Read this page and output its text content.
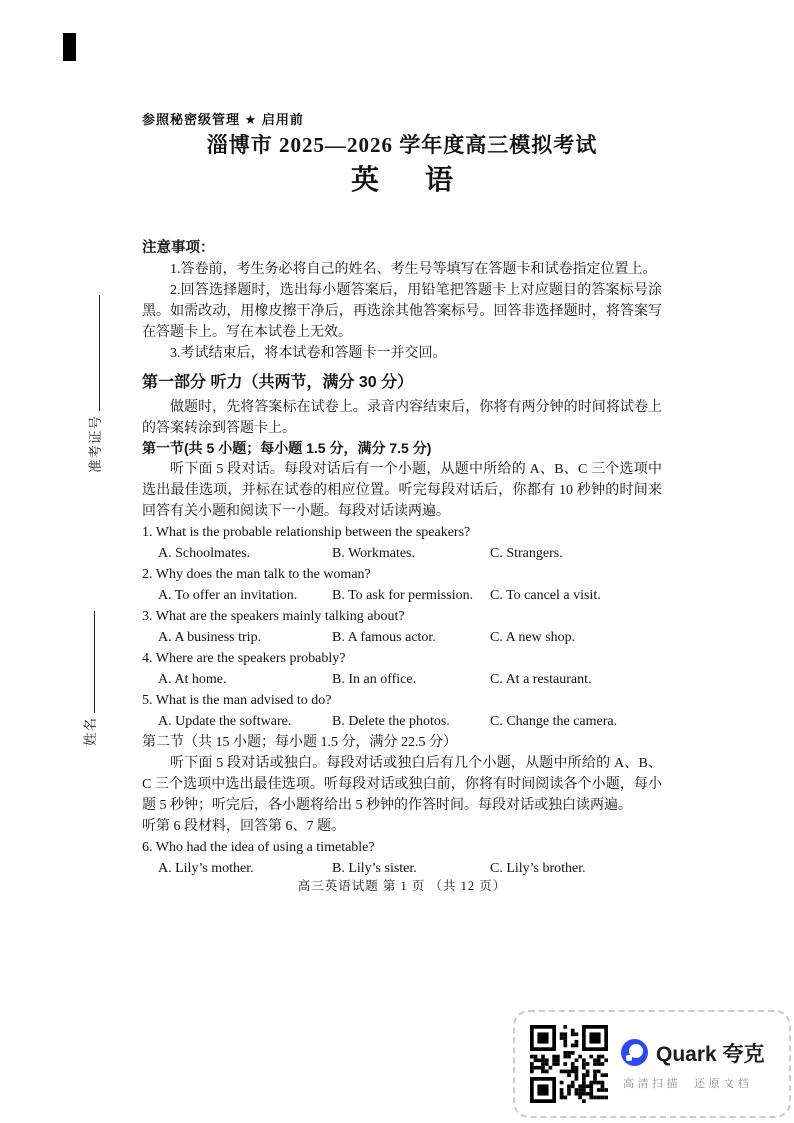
准考证号
姓名
参照秘密级管理 ★ 启用前
淄博市 2025—2026 学年度高三模拟考试
英 语
注意事项：

1.答卷前，考生务必将自己的姓名、考生号等填写在答题卡和试卷指定位置上。

2.回答选择题时，选出每小题答案后，用铅笔把答题卡上对应题目的答案标号涂黑。如需改动，用橡皮擦干净后，再选涂其他答案标号。回答非选择题时，将答案写在答题卡上。写在本试卷上无效。

3.考试结束后，将本试卷和答题卡一并交回。

第一部分 听力（共两节，满分 30 分）

做题时，先将答案标在试卷上。录音内容结束后，你将有两分钟的时间将试卷上的答案转涂到答题卡上。

第一节(共 5 小题；每小题 1.5 分，满分 7.5 分)

听下面 5 段对话。每段对话后有一个小题，从题中所给的 A、B、C 三个选项中选出最佳选项，并标在试卷的相应位置。听完每段对话后，你都有 10 秒钟的时间来回答有关小题和阅读下一小题。每段对话读两遍。

1. What is the probable relationship between the speakers?
A. Schoolmates.	B. Workmates.	C. Strangers.
2. Why does the man talk to the woman?
A. To offer an invitation.	B. To ask for permission.	C. To cancel a visit.
3. What are the speakers mainly talking about?
A. A business trip.	B. A famous actor.	C. A new shop.
4. Where are the speakers probably?
A. At home.	B. In an office.	C. At a restaurant.
5. What is the man advised to do?
A. Update the software.	B. Delete the photos.	C. Change the camera.
第二节（共 15 小题；每小题 1.5 分，满分 22.5 分）

听下面 5 段对话或独白。每段对话或独白后有几个小题，从题中所给的 A、B、C 三个选项中选出最佳选项。听每段对话或独白前，你将有时间阅读各个小题，每小题 5 秒钟；听完后，各小题将给出 5 秒钟的作答时间。每段对话或独白读两遍。

听第 6 段材料，回答第 6、7 题。

6. Who had the idea of using a timetable?
A. Lily’s mother.	B. Lily’s sister.	C. Lily’s brother.
高三英语试题 第 1 页 （共 12 页）
Quark 夸克
高清扫描  还原文档
